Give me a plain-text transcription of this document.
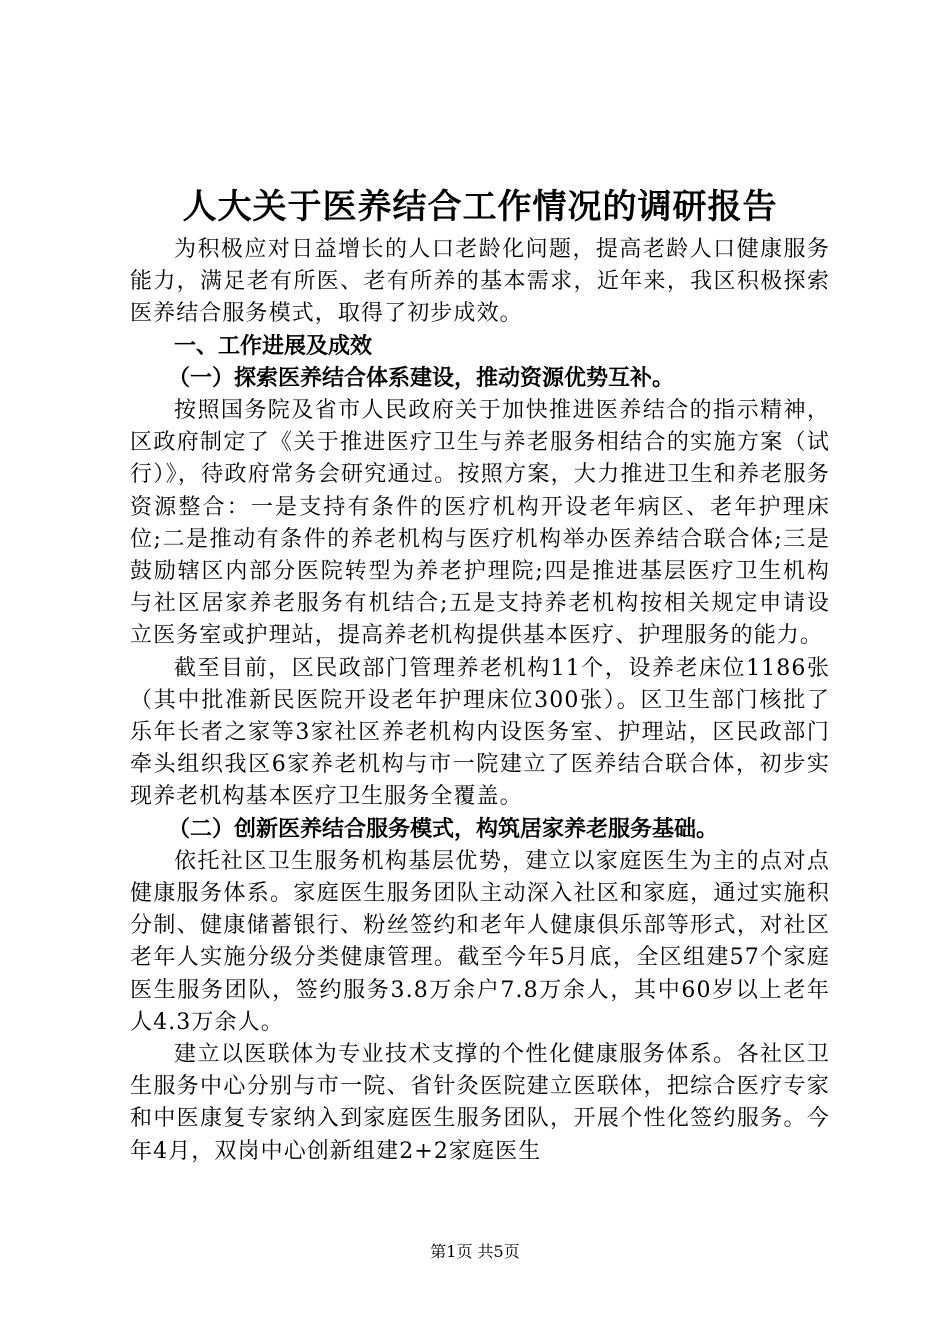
人大关于医养结合工作情况的调研报告

为积极应对日益增长的人口老龄化问题，提高老龄人口健康服务能力，满足老有所医、老有所养的基本需求，近年来，我区积极探索医养结合服务模式，取得了初步成效。

一、工作进展及成效

（一）探索医养结合体系建设，推动资源优势互补。

按照国务院及省市人民政府关于加快推进医养结合的指示精神，区政府制定了《关于推进医疗卫生与养老服务相结合的实施方案（试行）》，待政府常务会研究通过。按照方案，大力推进卫生和养老服务资源整合：一是支持有条件的医疗机构开设老年病区、老年护理床位;二是推动有条件的养老机构与医疗机构举办医养结合联合体;三是鼓励辖区内部分医院转型为养老护理院;四是推进基层医疗卫生机构与社区居家养老服务有机结合;五是支持养老机构按相关规定申请设立医务室或护理站，提高养老机构提供基本医疗、护理服务的能力。

截至目前，区民政部门管理养老机构11个，设养老床位1186张（其中批准新民医院开设老年护理床位300张）。区卫生部门核批了乐年长者之家等3家社区养老机构内设医务室、护理站，区民政部门牵头组织我区6家养老机构与市一院建立了医养结合联合体，初步实现养老机构基本医疗卫生服务全覆盖。

（二）创新医养结合服务模式，构筑居家养老服务基础。

依托社区卫生服务机构基层优势，建立以家庭医生为主的点对点健康服务体系。家庭医生服务团队主动深入社区和家庭，通过实施积分制、健康储蓄银行、粉丝签约和老年人健康俱乐部等形式，对社区老年人实施分级分类健康管理。截至今年5月底，全区组建57个家庭医生服务团队，签约服务3.8万余户7.8万余人，其中60岁以上老年人4.3万余人。

建立以医联体为专业技术支撑的个性化健康服务体系。各社区卫生服务中心分别与市一院、省针灸医院建立医联体，把综合医疗专家和中医康复专家纳入到家庭医生服务团队，开展个性化签约服务。今年4月，双岗中心创新组建2+2家庭医生

第1页 共5页
